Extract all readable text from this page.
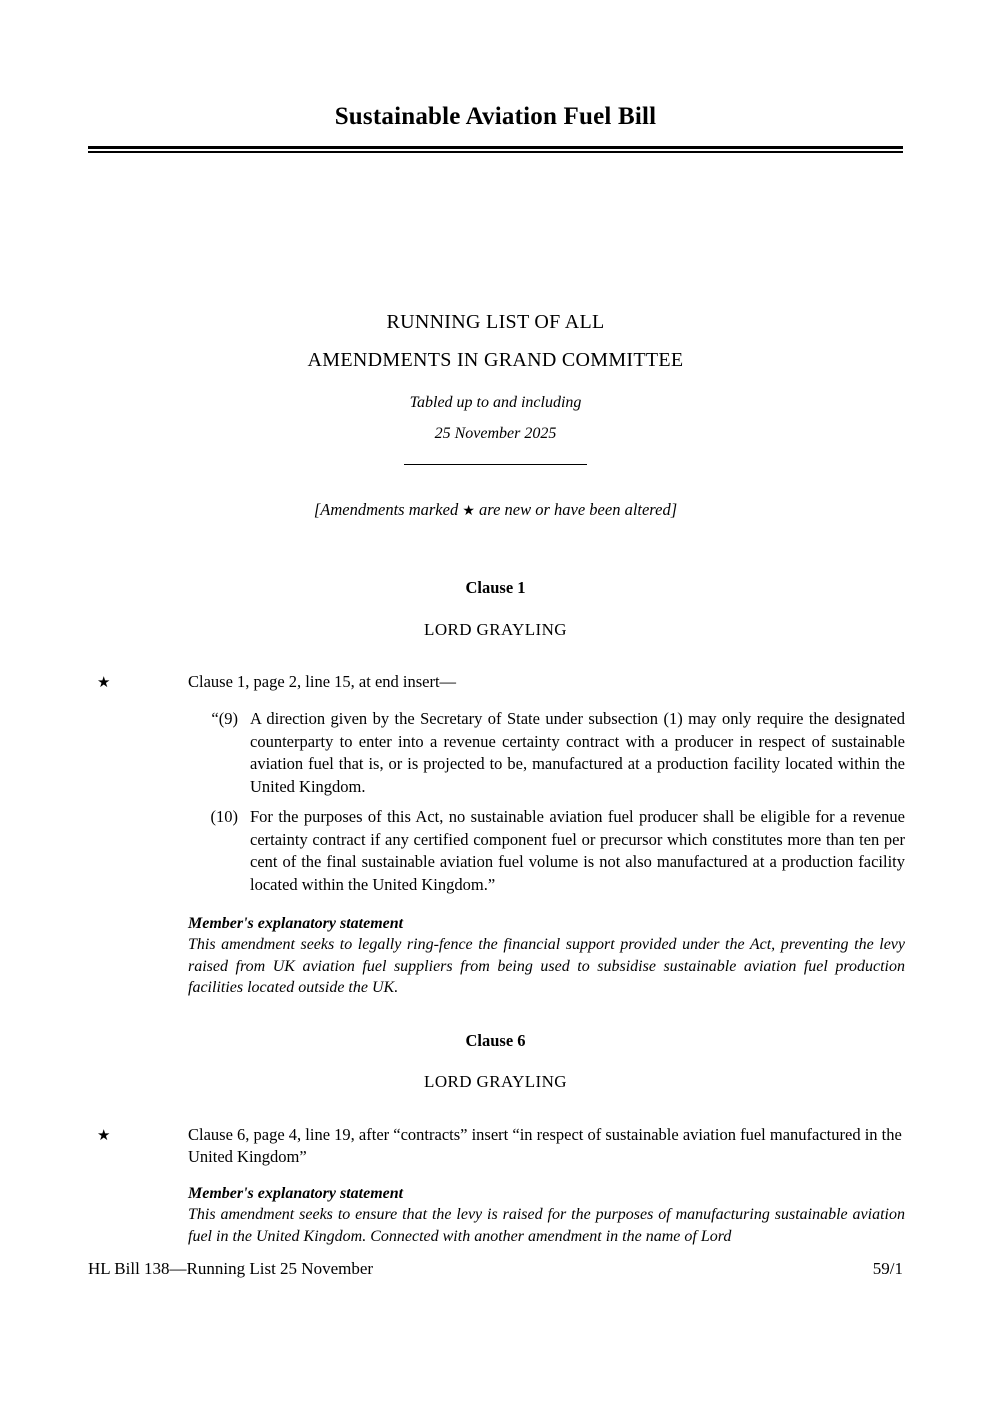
Sustainable Aviation Fuel Bill
RUNNING LIST OF ALL
AMENDMENTS IN GRAND COMMITTEE
Tabled up to and including
25 November 2025
[Amendments marked ★ are new or have been altered]
Clause 1
LORD GRAYLING
★	Clause 1, page 2, line 15, at end insert—
“(9) A direction given by the Secretary of State under subsection (1) may only require the designated counterparty to enter into a revenue certainty contract with a producer in respect of sustainable aviation fuel that is, or is projected to be, manufactured at a production facility located within the United Kingdom.
(10) For the purposes of this Act, no sustainable aviation fuel producer shall be eligible for a revenue certainty contract if any certified component fuel or precursor which constitutes more than ten per cent of the final sustainable aviation fuel volume is not also manufactured at a production facility located within the United Kingdom.”
Member's explanatory statement
This amendment seeks to legally ring-fence the financial support provided under the Act, preventing the levy raised from UK aviation fuel suppliers from being used to subsidise sustainable aviation fuel production facilities located outside the UK.
Clause 6
LORD GRAYLING
★	Clause 6, page 4, line 19, after “contracts” insert “in respect of sustainable aviation fuel manufactured in the United Kingdom”
Member's explanatory statement
This amendment seeks to ensure that the levy is raised for the purposes of manufacturing sustainable aviation fuel in the United Kingdom. Connected with another amendment in the name of Lord
HL Bill 138—Running List 25 November	59/1
